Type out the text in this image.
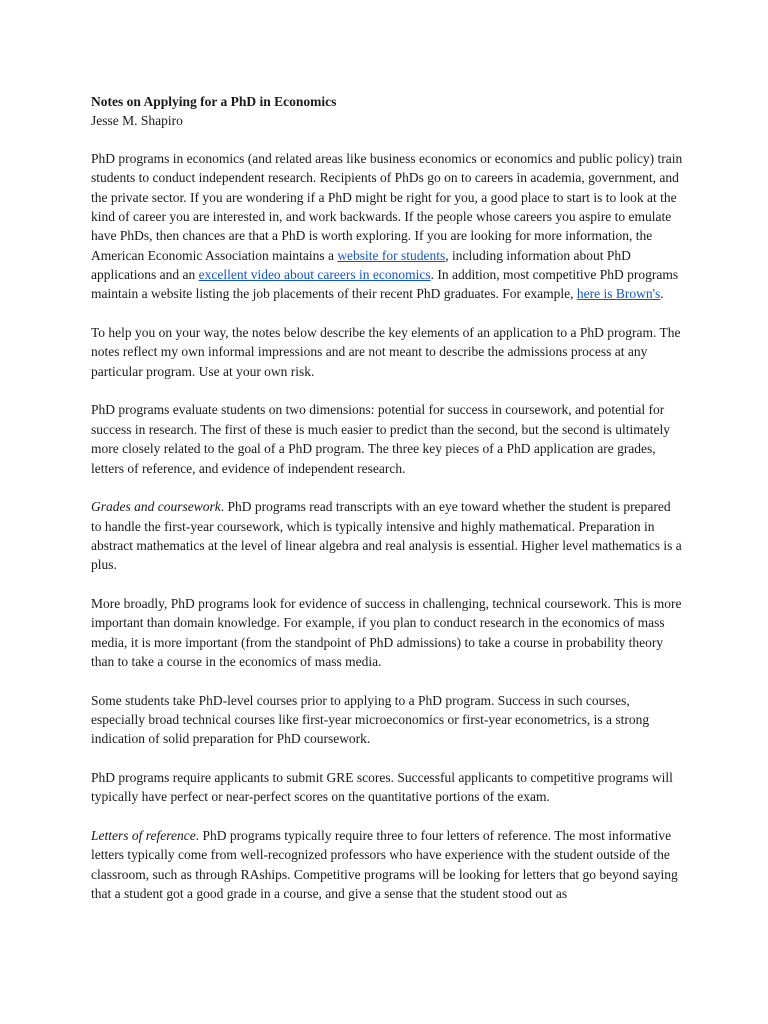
Notes on Applying for a PhD in Economics
Jesse M. Shapiro

PhD programs in economics (and related areas like business economics or economics and public policy) train students to conduct independent research. Recipients of PhDs go on to careers in academia, government, and the private sector. If you are wondering if a PhD might be right for you, a good place to start is to look at the kind of career you are interested in, and work backwards. If the people whose careers you aspire to emulate have PhDs, then chances are that a PhD is worth exploring. If you are looking for more information, the American Economic Association maintains a website for students, including information about PhD applications and an excellent video about careers in economics. In addition, most competitive PhD programs maintain a website listing the job placements of their recent PhD graduates. For example, here is Brown's.

To help you on your way, the notes below describe the key elements of an application to a PhD program. The notes reflect my own informal impressions and are not meant to describe the admissions process at any particular program. Use at your own risk.

PhD programs evaluate students on two dimensions: potential for success in coursework, and potential for success in research. The first of these is much easier to predict than the second, but the second is ultimately more closely related to the goal of a PhD program. The three key pieces of a PhD application are grades, letters of reference, and evidence of independent research.

Grades and coursework. PhD programs read transcripts with an eye toward whether the student is prepared to handle the first-year coursework, which is typically intensive and highly mathematical. Preparation in abstract mathematics at the level of linear algebra and real analysis is essential. Higher level mathematics is a plus.

More broadly, PhD programs look for evidence of success in challenging, technical coursework. This is more important than domain knowledge. For example, if you plan to conduct research in the economics of mass media, it is more important (from the standpoint of PhD admissions) to take a course in probability theory than to take a course in the economics of mass media.

Some students take PhD-level courses prior to applying to a PhD program. Success in such courses, especially broad technical courses like first-year microeconomics or first-year econometrics, is a strong indication of solid preparation for PhD coursework.

PhD programs require applicants to submit GRE scores. Successful applicants to competitive programs will typically have perfect or near-perfect scores on the quantitative portions of the exam.

Letters of reference. PhD programs typically require three to four letters of reference. The most informative letters typically come from well-recognized professors who have experience with the student outside of the classroom, such as through RAships. Competitive programs will be looking for letters that go beyond saying that a student got a good grade in a course, and give a sense that the student stood out as
